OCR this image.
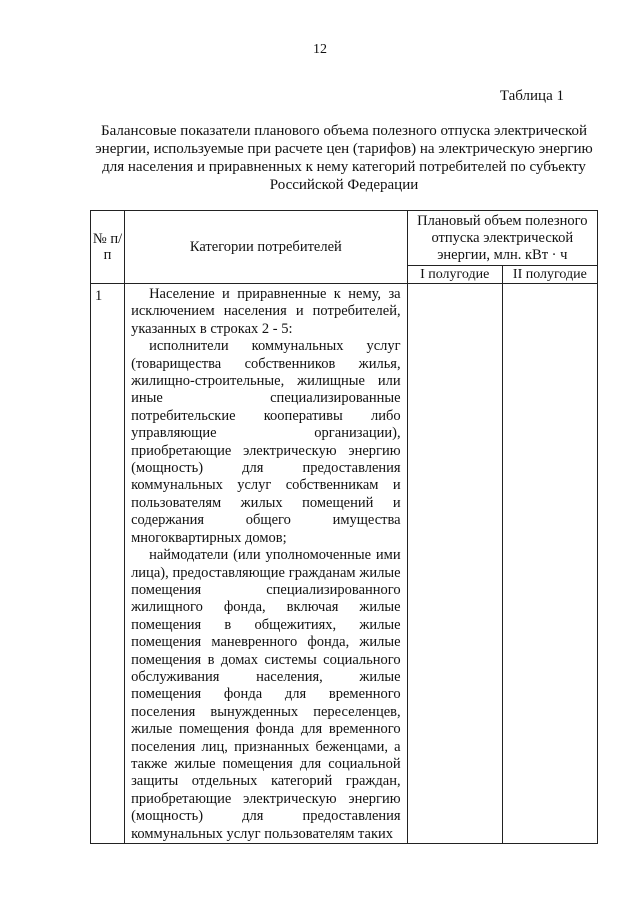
12
Таблица 1
Балансовые показатели планового объема полезного отпуска электрической энергии, используемые при расчете цен (тарифов) на электрическую энергию для населения и приравненных к нему категорий потребителей по субъекту Российской Федерации
№ п/п	Категории потребителей	Плановый объем полезного отпуска электрической энергии, млн. кВт · ч	
		I полугодие	II полугодие
1	Население и приравненные к нему, за исключением населения и потребителей, указанных в строках 2 - 5:

исполнители коммунальных услуг (товарищества собственников жилья, жилищно-строительные, жилищные или иные специализированные потребительские кооперативы либо управляющие организации), приобретающие электрическую энергию (мощность) для предоставления коммунальных услуг собственникам и пользователям жилых помещений и содержания общего имущества многоквартирных домов;

наймодатели (или уполномоченные ими лица), предоставляющие гражданам жилые помещения специализированного жилищного фонда, включая жилые помещения в общежитиях, жилые помещения маневренного фонда, жилые помещения в домах системы социального обслуживания населения, жилые помещения фонда для временного поселения вынужденных переселенцев, жилые помещения фонда для временного поселения лиц, признанных беженцами, а также жилые помещения для социальной защиты отдельных категорий граждан, приобретающие электрическую энергию (мощность) для предоставления коммунальных услуг пользователям таких		
